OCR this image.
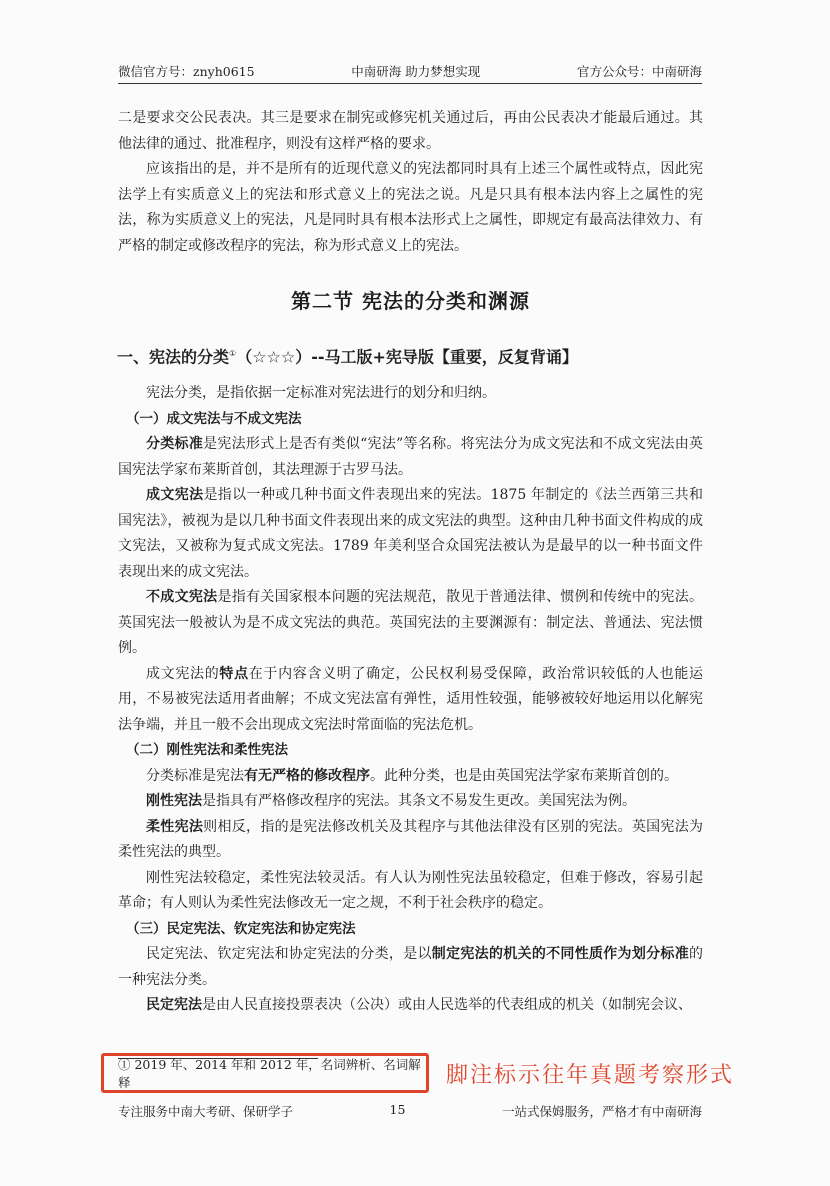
微信官方号：znyh0615	中南研海 助力梦想实现	官方公众号：中南研海

二是要求交公民表决。其三是要求在制宪或修宪机关通过后，再由公民表决才能最后通过。其他法律的通过、批准程序，则没有这样严格的要求。

应该指出的是，并不是所有的近现代意义的宪法都同时具有上述三个属性或特点，因此宪法学上有实质意义上的宪法和形式意义上的宪法之说。凡是只具有根本法内容上之属性的宪法，称为实质意义上的宪法，凡是同时具有根本法形式上之属性，即规定有最高法律效力、有严格的制定或修改程序的宪法，称为形式意义上的宪法。

第二节 宪法的分类和渊源

一、宪法的分类①（☆☆☆）--马工版+宪导版【重要，反复背诵】

宪法分类，是指依据一定标准对宪法进行的划分和归纳。

（一）成文宪法与不成文宪法

分类标准是宪法形式上是否有类似“宪法”等名称。将宪法分为成文宪法和不成文宪法由英国宪法学家布莱斯首创，其法理源于古罗马法。

成文宪法是指以一种或几种书面文件表现出来的宪法。1875 年制定的《法兰西第三共和国宪法》，被视为是以几种书面文件表现出来的成文宪法的典型。这种由几种书面文件构成的成文宪法，又被称为复式成文宪法。1789 年美利坚合众国宪法被认为是最早的以一种书面文件表现出来的成文宪法。

不成文宪法是指有关国家根本问题的宪法规范，散见于普通法律、惯例和传统中的宪法。英国宪法一般被认为是不成文宪法的典范。英国宪法的主要渊源有：制定法、普通法、宪法惯例。

成文宪法的特点在于内容含义明了确定，公民权利易受保障，政治常识较低的人也能运用，不易被宪法适用者曲解；不成文宪法富有弹性，适用性较强，能够被较好地运用以化解宪法争端，并且一般不会出现成文宪法时常面临的宪法危机。

（二）刚性宪法和柔性宪法

分类标准是宪法有无严格的修改程序。此种分类，也是由英国宪法学家布莱斯首创的。

刚性宪法是指具有严格修改程序的宪法。其条文不易发生更改。美国宪法为例。

柔性宪法则相反，指的是宪法修改机关及其程序与其他法律没有区别的宪法。英国宪法为柔性宪法的典型。

刚性宪法较稳定，柔性宪法较灵活。有人认为刚性宪法虽较稳定，但难于修改，容易引起革命；有人则认为柔性宪法修改无一定之规，不利于社会秩序的稳定。

（三）民定宪法、钦定宪法和协定宪法

民定宪法、钦定宪法和协定宪法的分类，是以制定宪法的机关的不同性质作为划分标准的一种宪法分类。

民定宪法是由人民直接投票表决（公决）或由人民选举的代表组成的机关（如制宪会议、

① 2019 年、2014 年和 2012 年，名词辨析、名词解释	脚注标示往年真题考察形式
专注服务中南大考研、保研学子	15	一站式保姆服务，严格才有中南研海
